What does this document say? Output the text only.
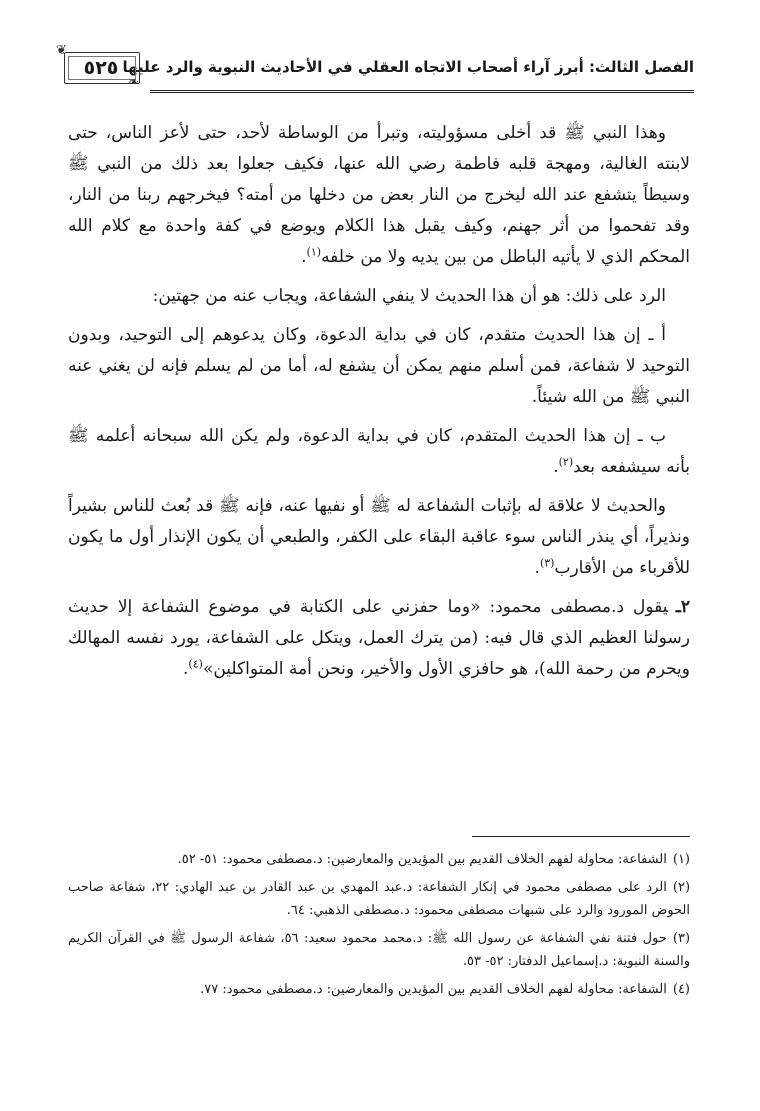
الفصل الثالث: أبرز آراء أصحاب الاتجاه العقلي في الأحاديث النبوية والرد عليها
❦
❧
٥٢٥

وهذا النبي ﷺ قد أخلى مسؤوليته، وتبرأ من الوساطة لأحد، حتى لأعز الناس، حتى لابنته الغالية، ومهجة قلبه فاطمة رضي الله عنها، فكيف جعلوا بعد ذلك من النبي ﷺ وسيطاً يتشفع عند الله ليخرج من النار بعض من دخلها من أمته؟ فيخرجهم ربنا من النار، وقد تفحموا من أثر جهنم، وكيف يقبل هذا الكلام ويوضع في كفة واحدة مع كلام الله المحكم الذي لا يأتيه الباطل من بين يديه ولا من خلفه$^{(١)}$.

الرد على ذلك: هو أن هذا الحديث لا ينفي الشفاعة، ويجاب عنه من جهتين:

أ ـ إن هذا الحديث متقدم، كان في بداية الدعوة، وكان يدعوهم إلى التوحيد، وبدون التوحيد لا شفاعة، فمن أسلم منهم يمكن أن يشفع له، أما من لم يسلم فإنه لن يغني عنه النبي ﷺ من الله شيئاً.

ب ـ إن هذا الحديث المتقدم، كان في بداية الدعوة، ولم يكن الله سبحانه أعلمه ﷺ بأنه سيشفعه بعد$^{(٢)}$.

والحديث لا علاقة له بإثبات الشفاعة له ﷺ أو نفيها عنه، فإنه ﷺ قد بُعث للناس بشيراً ونذيراً، أي ينذر الناس سوء عاقبة البقاء على الكفر، والطبعي أن يكون الإنذار أول ما يكون للأقرباء من الأقارب$^{(٣)}$.

٢ـيقول د.مصطفى محمود: «وما حفزني على الكتابة في موضوع الشفاعة إلا حديث رسولنا العظيم الذي قال فيه: (من يترك العمل، ويتكل على الشفاعة، يورد نفسه المهالك ويحرم من رحمة الله)، هو حافزي الأول والأخير، ونحن أمة المتواكلين»$^{(٤)}$.

(١)الشفاعة: محاولة لفهم الخلاف القديم بين المؤيدين والمعارضين: د.مصطفى محمود: ٥١- ٥٢.

(٢)الرد على مصطفى محمود في إنكار الشفاعة: د.عبد المهدي بن عبد القادر بن عبد الهادي: ٢٢، شفاعة صاحب الحوض المورود والرد على شبهات مصطفى محمود: د.مصطفى الذهبي: ٦٤.

(٣)حول فتنة نفي الشفاعة عن رسول الله ﷺ: د.محمد محمود سعيد: ٥٦، شفاعة الرسول ﷺ في القرآن الكريم والسنة النبوية: د.إسماعيل الدفتار: ٥٢- ٥٣.

(٤)الشفاعة: محاولة لفهم الخلاف القديم بين المؤيدين والمعارضين: د.مصطفى محمود: ٧٧.
